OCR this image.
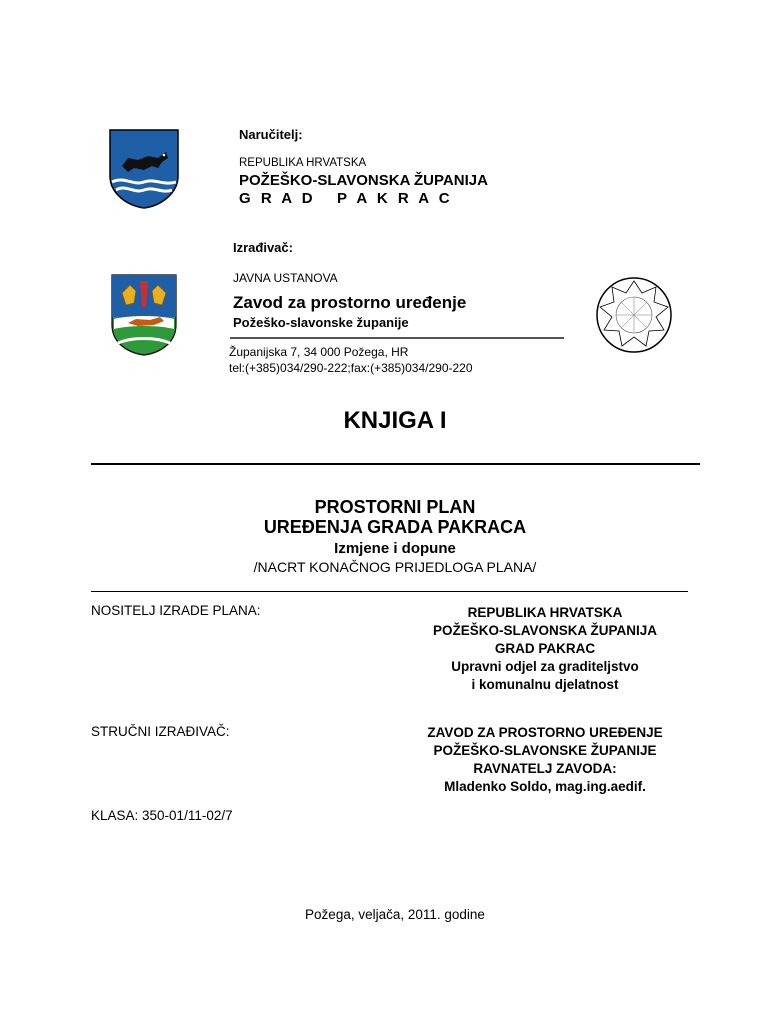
Naručitelj:
REPUBLIKA HRVATSKA
POŽEŠKO-SLAVONSKA ŽUPANIJA
G R A D   P A K R A C
Izrađivač:
JAVNA USTANOVA
Zavod za prostorno uređenje
Požeško-slavonske županije
Županijska 7, 34 000 Požega, HR
tel:(+385)034/290-222;fax:(+385)034/290-220
KNJIGA I
PROSTORNI PLAN
UREĐENJA GRADA PAKRACA
Izmjene i dopune
/NACRT KONAČNOG PRIJEDLOGA PLANA/
NOSITELJ IZRADE PLANA:	REPUBLIKA HRVATSKA
POŽEŠKO-SLAVONSKA ŽUPANIJA
GRAD PAKRAC
Upravni odjel za graditeljstvo
i komunalnu djelatnost
STRUČNI IZRAĐIVAČ:	ZAVOD ZA PROSTORNO UREĐENJE
POŽEŠKO-SLAVONSKE ŽUPANIJE
RAVNATELJ ZAVODA:
Mladenko Soldo, mag.ing.aedif.
KLASA: 350-01/11-02/7
Požega, veljača, 2011. godine
